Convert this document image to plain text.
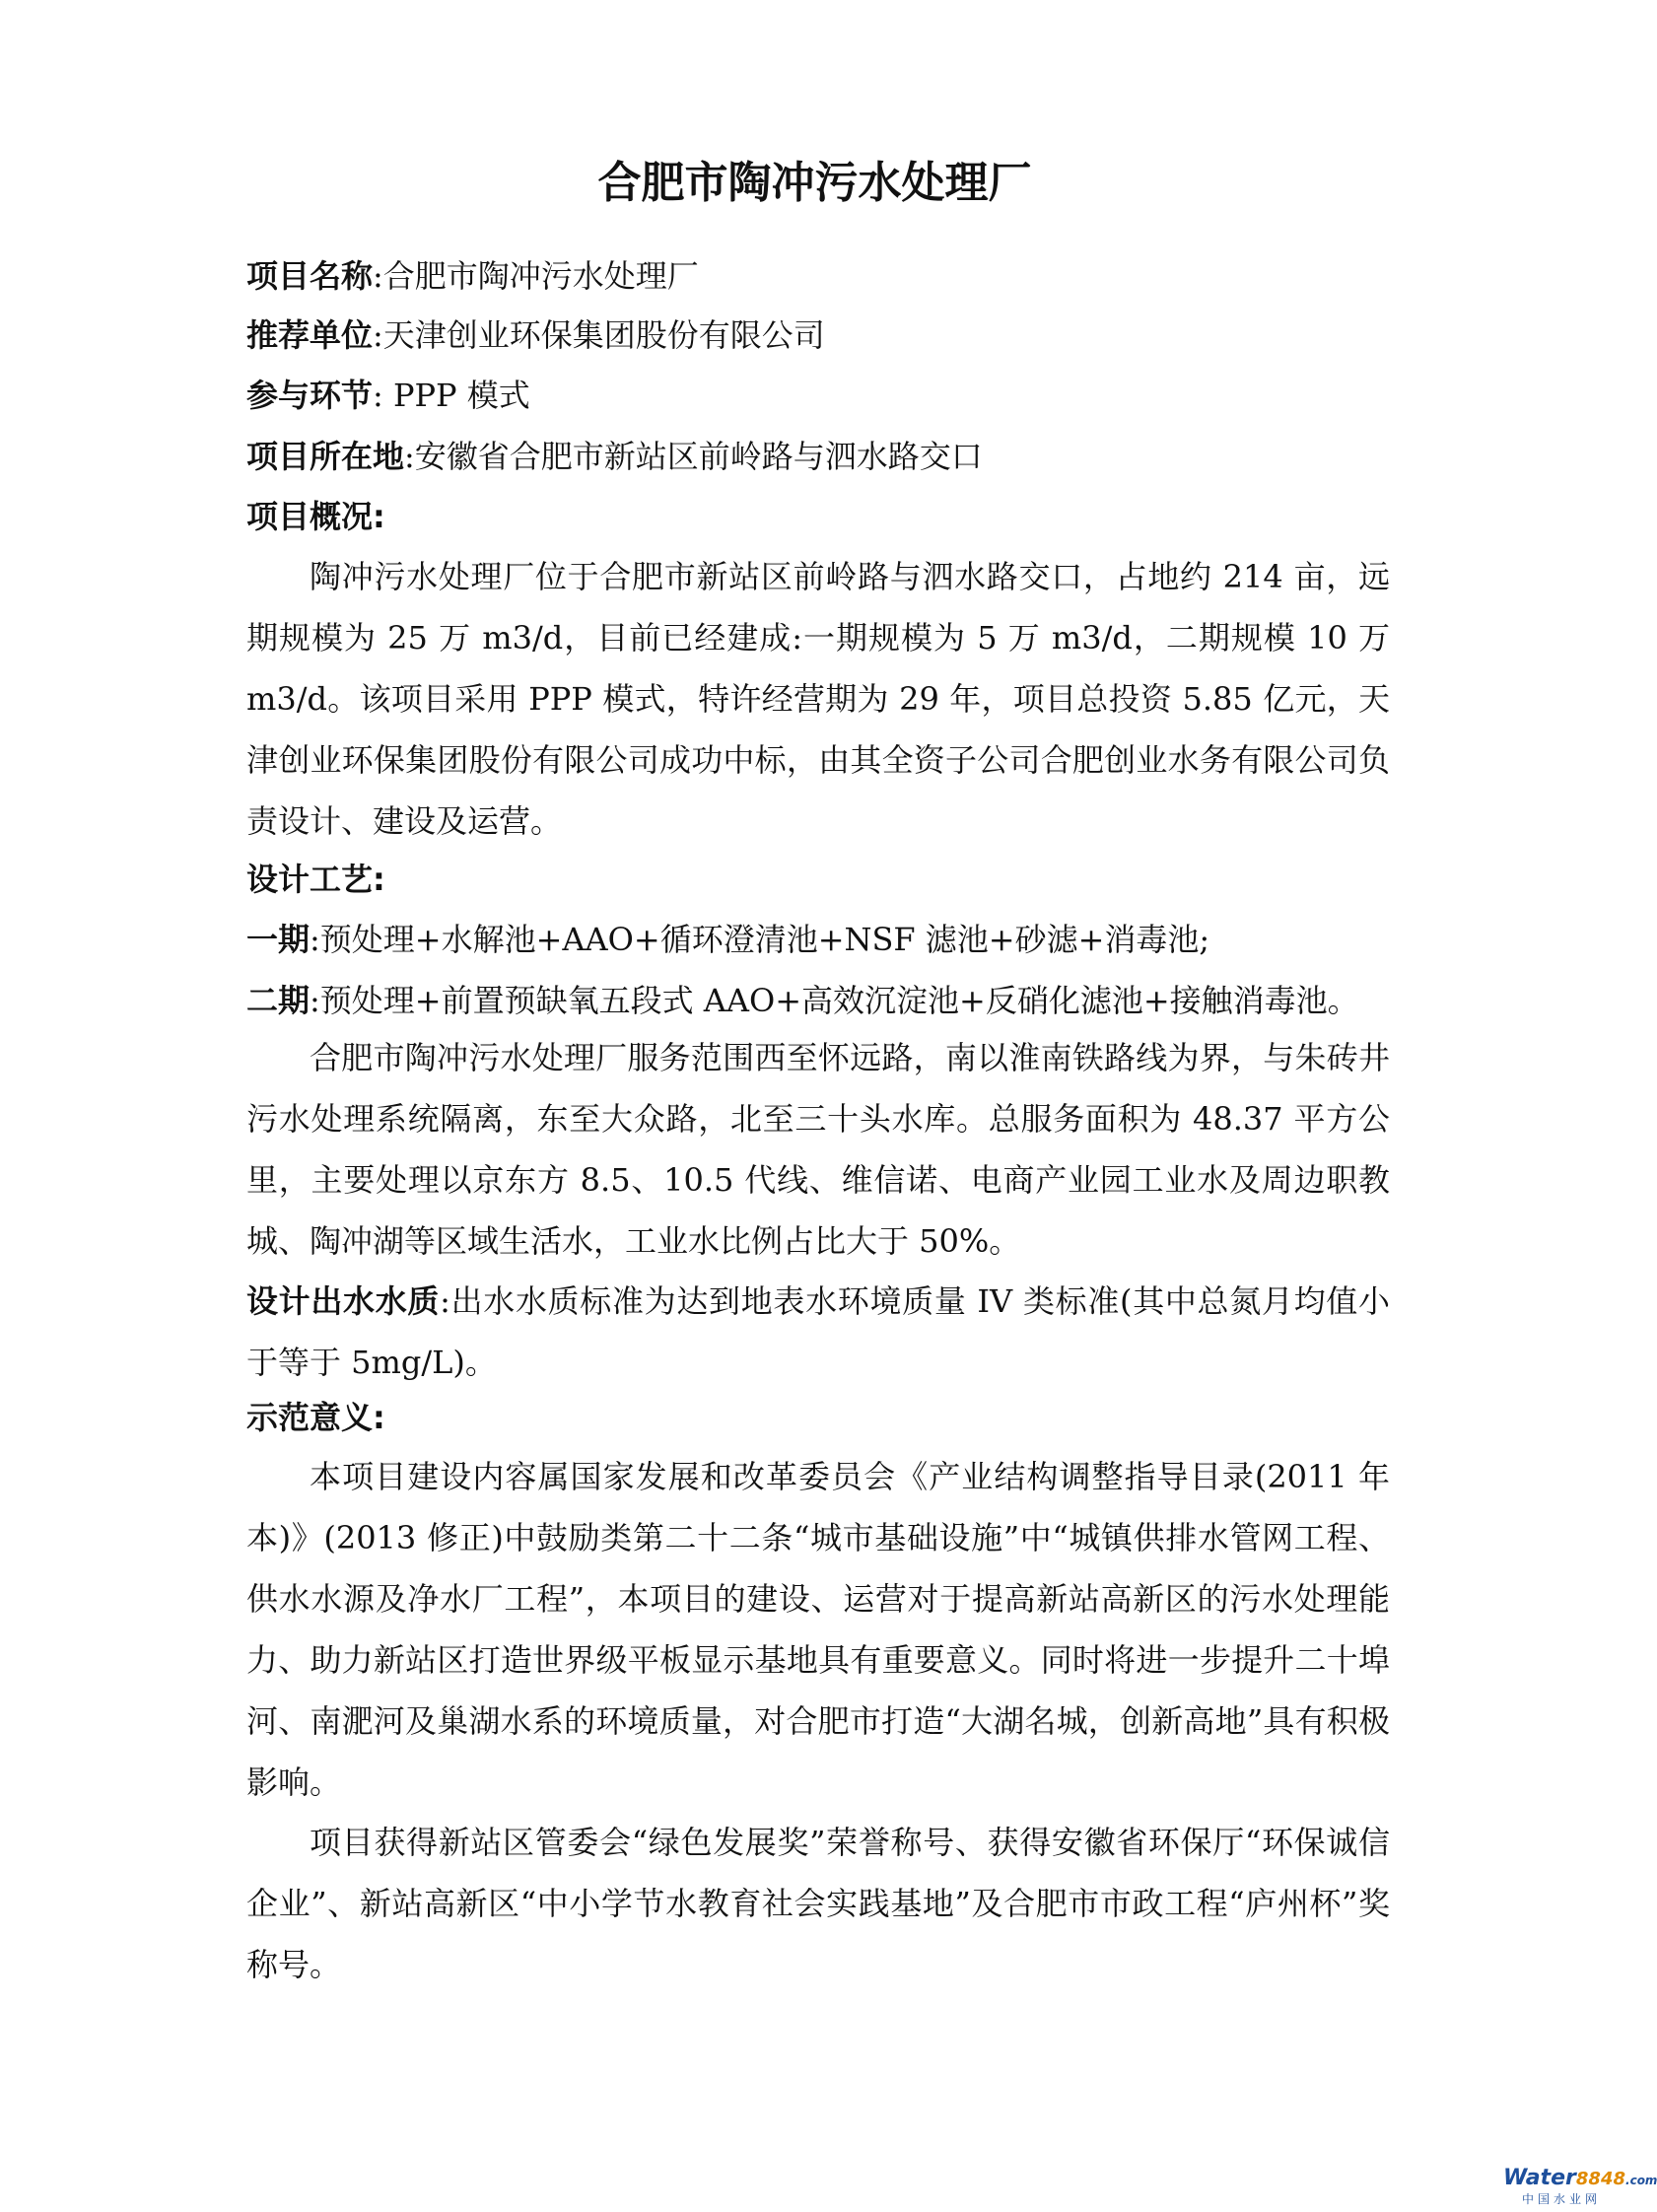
合肥市陶冲污水处理厂
项目名称:合肥市陶冲污水处理厂
推荐单位:天津创业环保集团股份有限公司
参与环节: PPP 模式
项目所在地:安徽省合肥市新站区前岭路与泗水路交口
项目概况:

陶冲污水处理厂位于合肥市新站区前岭路与泗水路交口，占地约 214 亩，远期规模为 25 万 m3/d，目前已经建成:一期规模为 5 万 m3/d，二期规模 10 万 m3/d。该项目采用 PPP 模式，特许经营期为 29 年，项目总投资 5.85 亿元，天津创业环保集团股份有限公司成功中标，由其全资子公司合肥创业水务有限公司负责设计、建设及运营。

设计工艺:
一期:预处理+水解池+AAO+循环澄清池+NSF 滤池+砂滤+消毒池;
二期:预处理+前置预缺氧五段式 AAO+高效沉淀池+反硝化滤池+接触消毒池。

合肥市陶冲污水处理厂服务范围西至怀远路，南以淮南铁路线为界，与朱砖井污水处理系统隔离，东至大众路，北至三十头水库。总服务面积为 48.37 平方公里，主要处理以京东方 8.5、10.5 代线、维信诺、电商产业园工业水及周边职教城、陶冲湖等区域生活水，工业水比例占比大于 50%。

设计出水水质:出水水质标准为达到地表水环境质量 IV 类标准(其中总氮月均值小于等于 5mg/L)。

示范意义:

本项目建设内容属国家发展和改革委员会《产业结构调整指导目录(2011 年本)》(2013 修正)中鼓励类第二十二条“城市基础设施”中“城镇供排水管网工程、供水水源及净水厂工程”，本项目的建设、运营对于提高新站高新区的污水处理能力、助力新站区打造世界级平板显示基地具有重要意义。同时将进一步提升二十埠河、南淝河及巢湖水系的环境质量，对合肥市打造“大湖名城，创新高地”具有积极影响。

项目获得新站区管委会“绿色发展奖”荣誉称号、获得安徽省环保厅“环保诚信企业”、新站高新区“中小学节水教育社会实践基地”及合肥市市政工程“庐州杯”奖称号。

Water8848.com
中国水业网
